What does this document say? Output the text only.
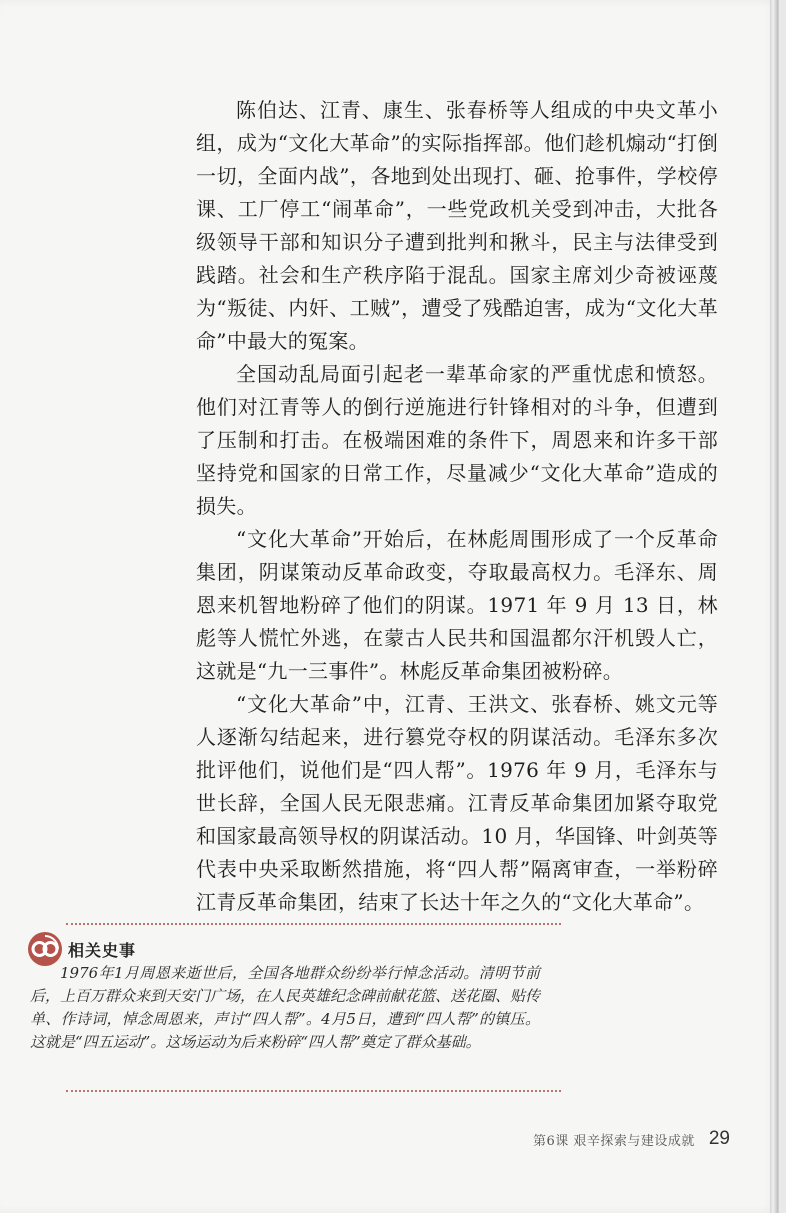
陈伯达、江青、康生、张春桥等人组成的中央文革小组，成为“文化大革命”的实际指挥部。他们趁机煽动“打倒一切，全面内战”，各地到处出现打、砸、抢事件，学校停课、工厂停工“闹革命”，一些党政机关受到冲击，大批各级领导干部和知识分子遭到批判和揪斗，民主与法律受到践踏。社会和生产秩序陷于混乱。国家主席刘少奇被诬蔑为“叛徒、内奸、工贼”，遭受了残酷迫害，成为“文化大革命”中最大的冤案。

全国动乱局面引起老一辈革命家的严重忧虑和愤怒。他们对江青等人的倒行逆施进行针锋相对的斗争，但遭到了压制和打击。在极端困难的条件下，周恩来和许多干部坚持党和国家的日常工作，尽量减少“文化大革命”造成的损失。

“文化大革命”开始后，在林彪周围形成了一个反革命集团，阴谋策动反革命政变，夺取最高权力。毛泽东、周恩来机智地粉碎了他们的阴谋。1971 年 9 月 13 日，林彪等人慌忙外逃，在蒙古人民共和国温都尔汗机毁人亡，这就是“九一三事件”。林彪反革命集团被粉碎。

“文化大革命”中，江青、王洪文、张春桥、姚文元等人逐渐勾结起来，进行篡党夺权的阴谋活动。毛泽东多次批评他们，说他们是“四人帮”。1976 年 9 月，毛泽东与世长辞，全国人民无限悲痛。江青反革命集团加紧夺取党和国家最高领导权的阴谋活动。10 月，华国锋、叶剑英等代表中央采取断然措施，将“四人帮”隔离审查，一举粉碎江青反革命集团，结束了长达十年之久的“文化大革命”。

相关史事

1976年1月周恩来逝世后，全国各地群众纷纷举行悼念活动。清明节前后，上百万群众来到天安门广场，在人民英雄纪念碑前献花篮、送花圈、贴传单、作诗词，悼念周恩来，声讨“四人帮”。4月5日，遭到“四人帮”的镇压。这就是“四五运动”。这场运动为后来粉碎“四人帮”奠定了群众基础。

第6课 艰辛探索与建设成就 29
